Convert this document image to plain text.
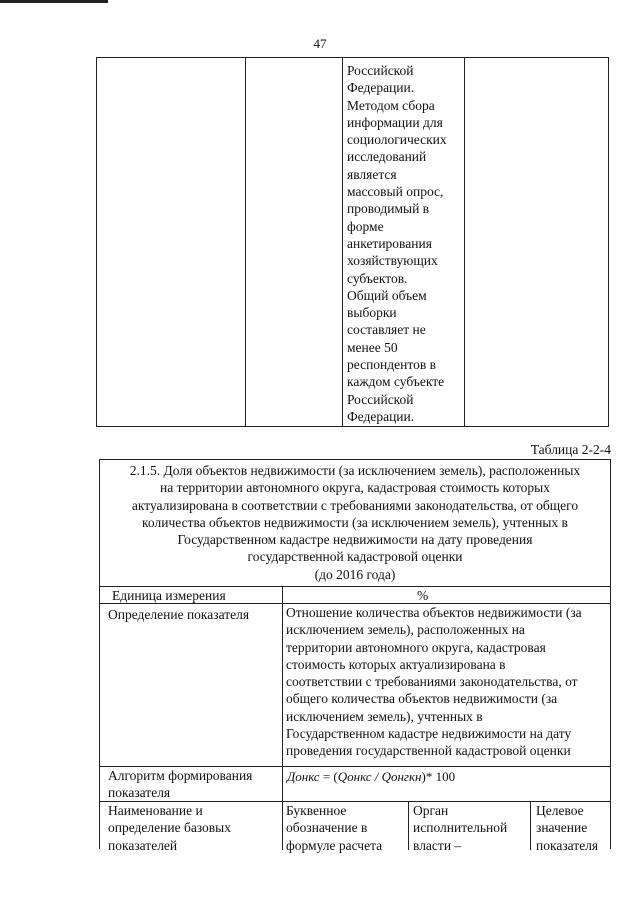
47
Российской
Федерации.
Методом сбора
информации для
социологических
исследований
является
массовый опрос,
проводимый в
форме
анкетирования
хозяйствующих
субъектов.
Общий объем
выборки
составляет не
менее 50
респондентов в
каждом субъекте
Российской
Федерации.
Таблица 2-2-4
2.1.5. Доля объектов недвижимости (за исключением земель), расположенных
на территории автономного округа, кадастровая стоимость которых
актуализирована в соответствии с требованиями законодательства, от общего
количества объектов недвижимости (за исключением земель), учтенных в
Государственном кадастре недвижимости на дату проведения
государственной кадастровой оценки
(до 2016 года)
Единица измерения	%
Определение показателя	Отношение количества объектов недвижимости (за
исключением земель), расположенных на
территории автономного округа, кадастровая
стоимость которых актуализирована в
соответствии с требованиями законодательства, от
общего количества объектов недвижимости (за
исключением земель), учтенных в
Государственном кадастре недвижимости на дату
проведения государственной кадастровой оценки
Алгоритм формирования
показателя
Донкс = (Qонкс / Qонгкн)* 100
Наименование и
определение базовых
показателей
Буквенное
обозначение в
формуле расчета
Орган
исполнительной
власти –
Целевое
значение
показателя
